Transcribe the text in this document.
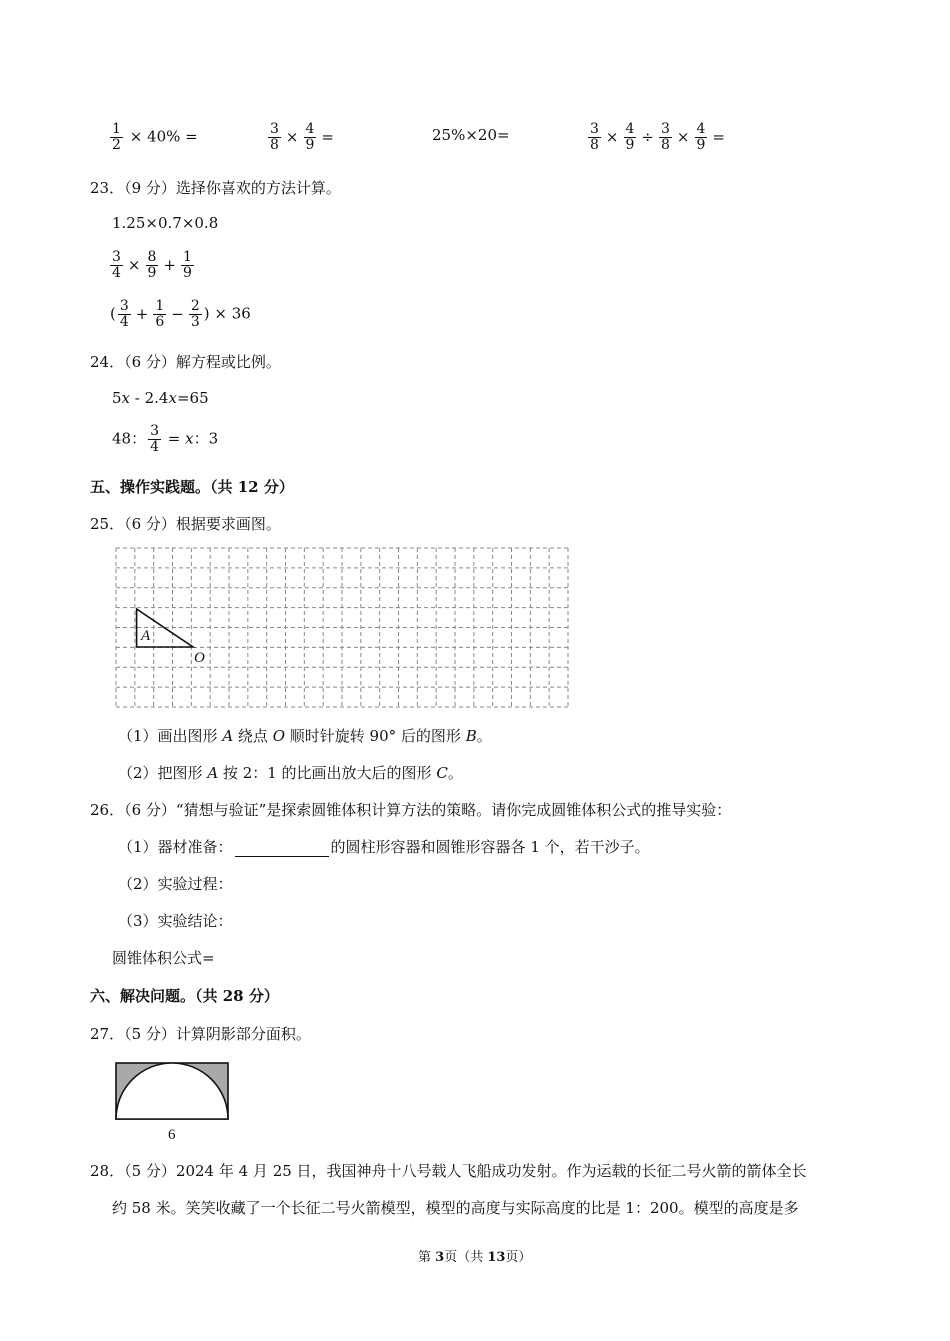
$\frac{1}{2} \times 40\%$ =	$\frac{3}{8} \times \frac{4}{9}$ =	25%×20=	$\frac{3}{8} \times \frac{4}{9} \div \frac{3}{8} \times \frac{4}{9}$ =
23．（9 分）选择你喜欢的方法计算。
1.25×0.7×0.8
$\frac{3}{4} \times \frac{8}{9} + \frac{1}{9}$
( $\frac{3}{4} + \frac{1}{6} - \frac{2}{3}$ ) × 36
24．（6 分）解方程或比例。
5x - 2.4x=65
48： $\frac{3}{4} = x$：3
五、操作实践题。（共 12 分）
25．（6 分）根据要求画图。
A
O
（1）画出图形 A 绕点 O 顺时针旋转 90° 后的图形 B。
（2）把图形 A 按 2：1 的比画出放大后的图形 C。
26．（6 分）“猜想与验证”是探索圆锥体积计算方法的策略。请你完成圆锥体积公式的推导实验：
（1）器材准备：	的圆柱形容器和圆锥形容器各 1 个，若干沙子。
（2）实验过程：
（3）实验结论：
圆锥体积公式=
六、解决问题。（共 28 分）
27．（5 分）计算阴影部分面积。
6
28．（5 分）2024 年 4 月 25 日，我国神舟十八号载人飞船成功发射。作为运载的长征二号火箭的箭体全长
约 58 米。笑笑收藏了一个长征二号火箭模型，模型的高度与实际高度的比是 1：200。模型的高度是多
第 3页（共 13页）
